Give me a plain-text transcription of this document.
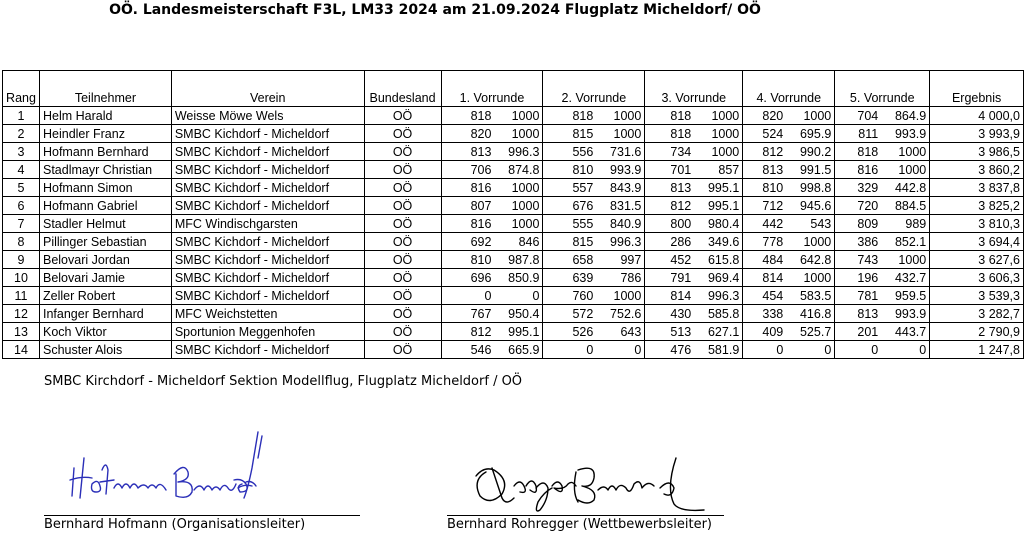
OÖ. Landesmeisterschaft F3L, LM33 2024 am 21.09.2024 Flugplatz Micheldorf/ OÖ

Rang	Teilnehmer	Verein	Bundesland	1. Vorrunde	2. Vorrunde	3. Vorrunde	4. Vorrunde	5. Vorrunde	Ergebnis
1	Helm Harald	Weisse Möwe Wels	OÖ	818 1000	818 1000	818 1000	820 1000	704 864.9	4 000,0
2	Heindler Franz	SMBC Kichdorf - Micheldorf	OÖ	820 1000	815 1000	818 1000	524 695.9	811 993.9	3 993,9
3	Hofmann Bernhard	SMBC Kichdorf - Micheldorf	OÖ	813 996.3	556 731.6	734 1000	812 990.2	818 1000	3 986,5
4	Stadlmayr Christian	SMBC Kichdorf - Micheldorf	OÖ	706 874.8	810 993.9	701 857	813 991.5	816 1000	3 860,2
5	Hofmann Simon	SMBC Kichdorf - Micheldorf	OÖ	816 1000	557 843.9	813 995.1	810 998.8	329 442.8	3 837,8
6	Hofmann Gabriel	SMBC Kichdorf - Micheldorf	OÖ	807 1000	676 831.5	812 995.1	712 945.6	720 884.5	3 825,2
7	Stadler Helmut	MFC Windischgarsten	OÖ	816 1000	555 840.9	800 980.4	442 543	809 989	3 810,3
8	Pillinger Sebastian	SMBC Kichdorf - Micheldorf	OÖ	692 846	815 996.3	286 349.6	778 1000	386 852.1	3 694,4
9	Belovari Jordan	SMBC Kichdorf - Micheldorf	OÖ	810 987.8	658 997	452 615.8	484 642.8	743 1000	3 627,6
10	Belovari Jamie	SMBC Kichdorf - Micheldorf	OÖ	696 850.9	639 786	791 969.4	814 1000	196 432.7	3 606,3
11	Zeller Robert	SMBC Kichdorf - Micheldorf	OÖ	0 0	760 1000	814 996.3	454 583.5	781 959.5	3 539,3
12	Infanger Bernhard	MFC Weichstetten	OÖ	767 950.4	572 752.6	430 585.8	338 416.8	813 993.9	3 282,7
13	Koch Viktor	Sportunion Meggenhofen	OÖ	812 995.1	526 643	513 627.1	409 525.7	201 443.7	2 790,9
14	Schuster Alois	SMBC Kichdorf - Micheldorf	OÖ	546 665.9	0 0	476 581.9	0 0	0 0	1 247,8
SMBC Kirchdorf - Micheldorf Sektion Modellflug, Flugplatz Micheldorf / OÖ
Bernhard Hofmann (Organisationsleiter)	Bernhard Rohregger (Wettbewerbsleiter)
